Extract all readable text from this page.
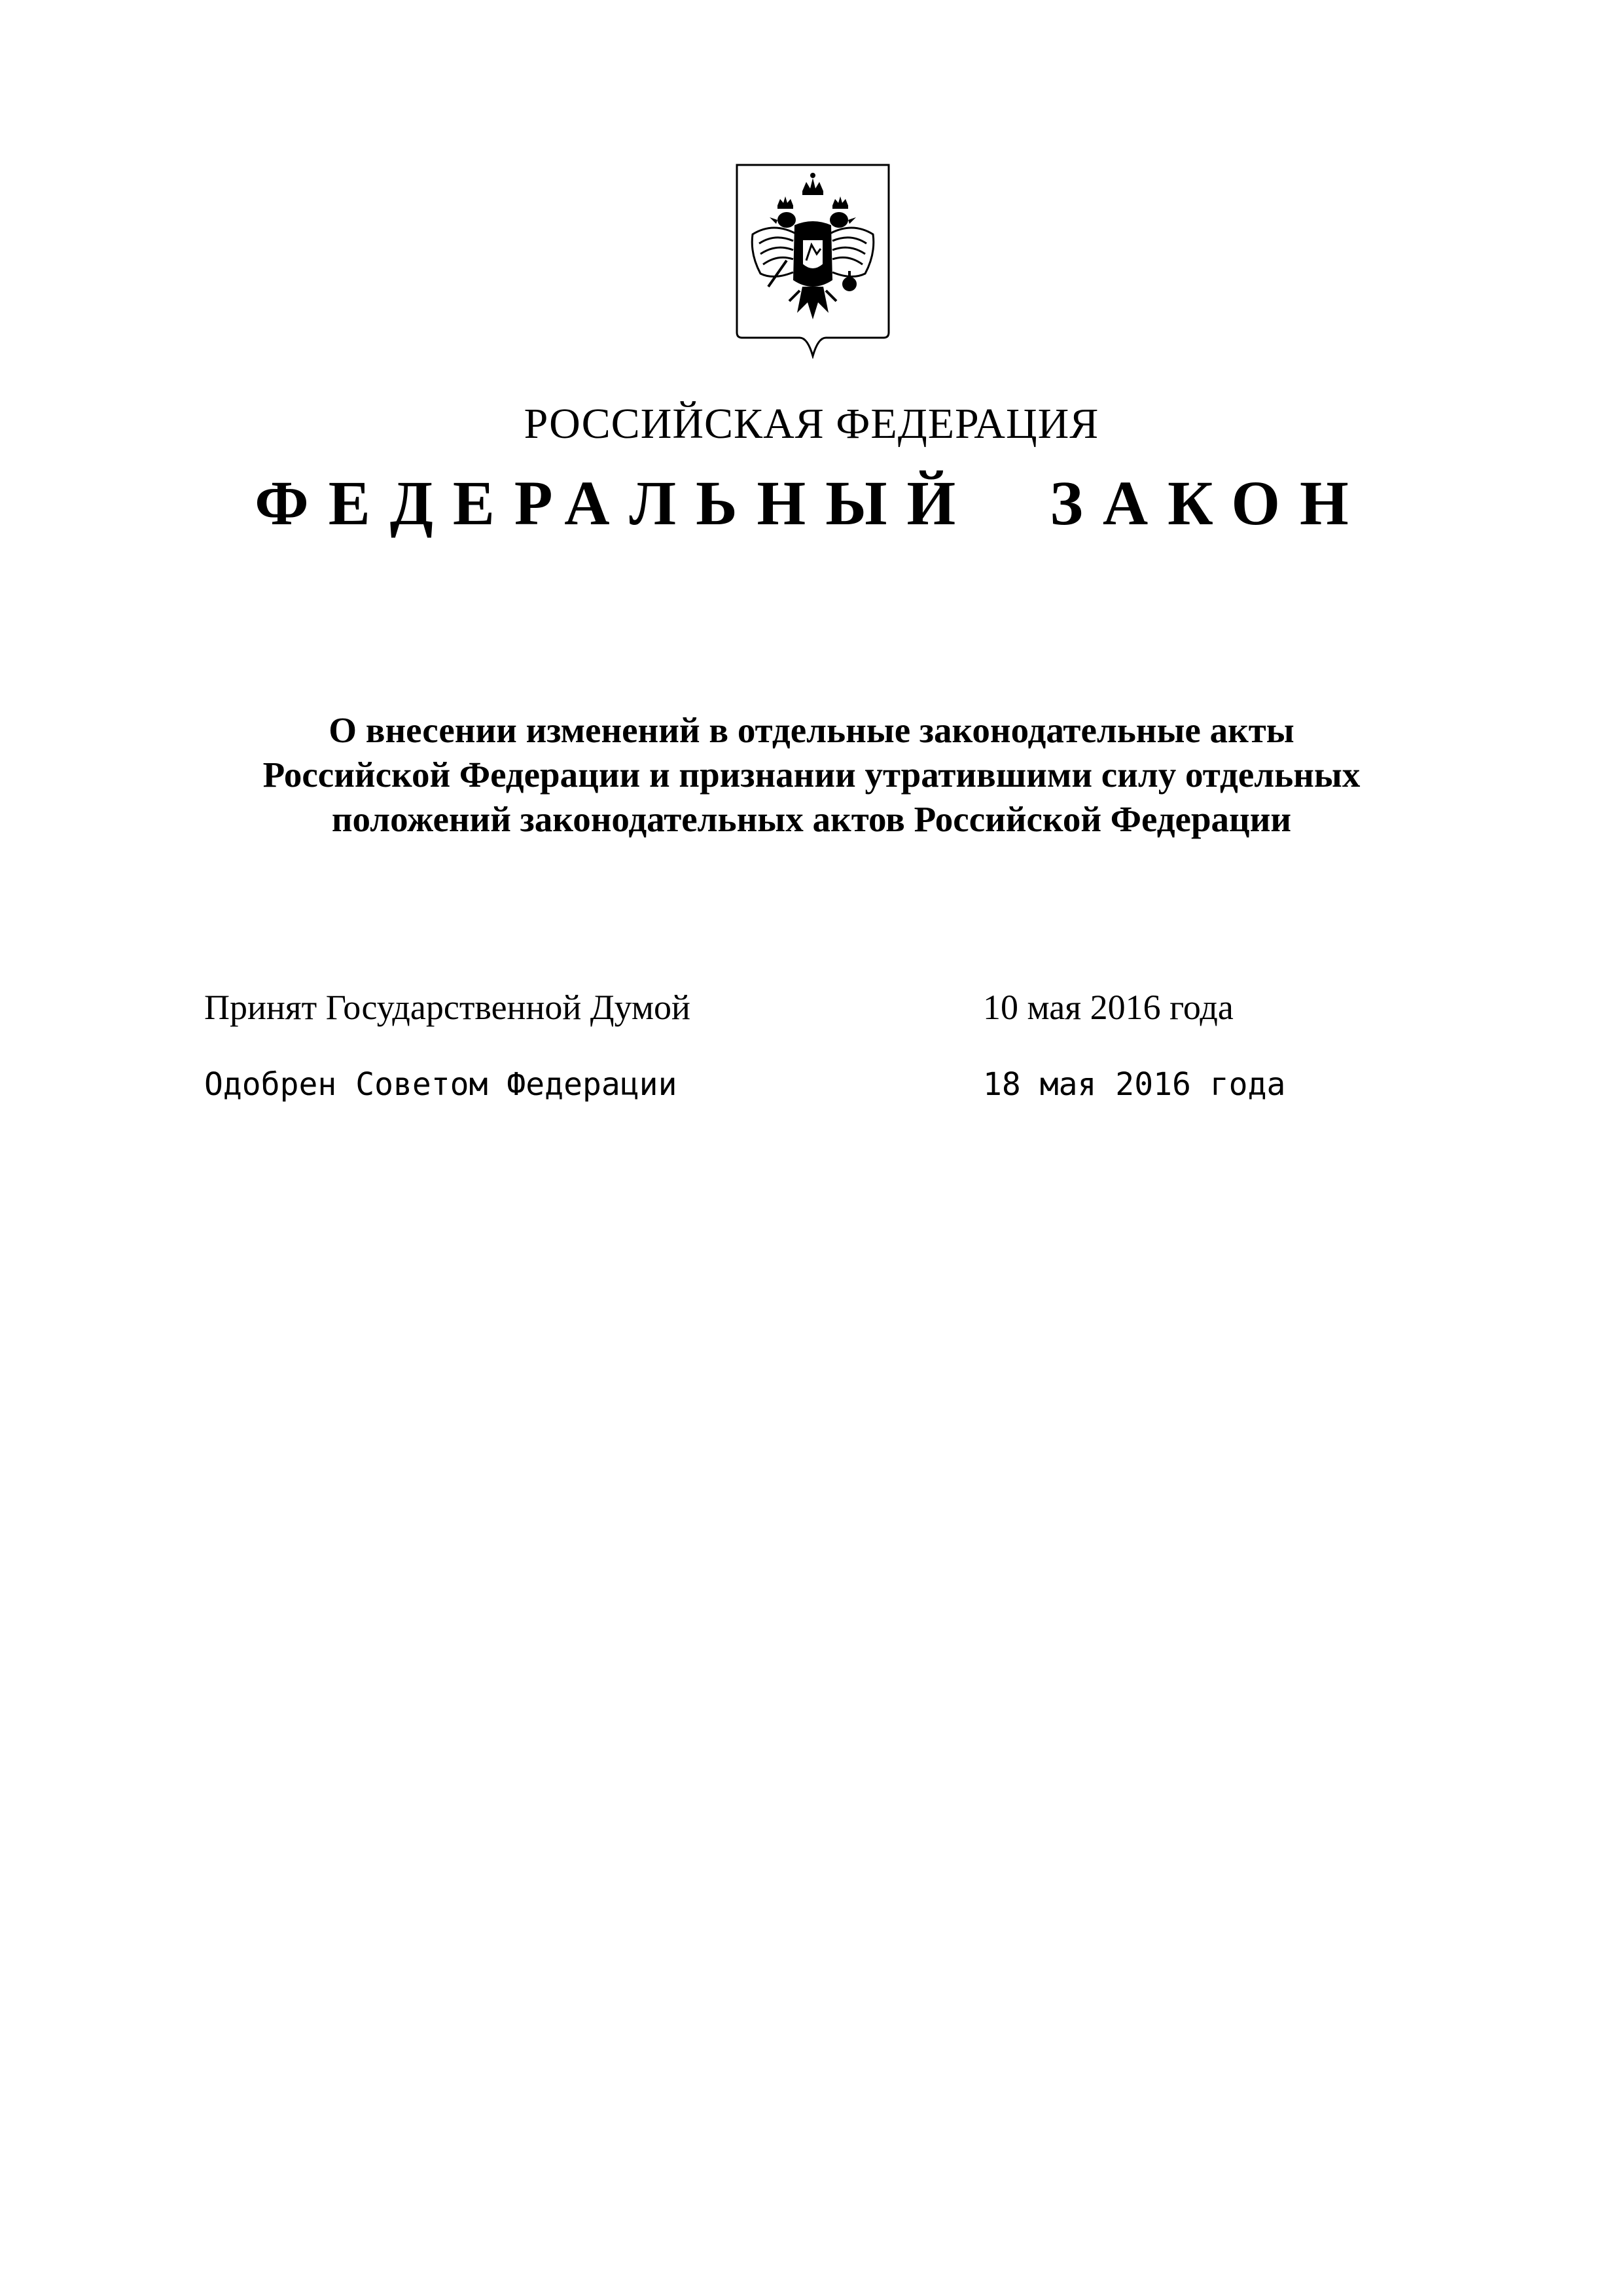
РОССИЙСКАЯ ФЕДЕРАЦИЯ
ФЕДЕРАЛЬНЫЙ ЗАКОН
О внесении изменений в отдельные законодательные акты
Российской Федерации и признании утратившими силу отдельных
положений законодательных актов Российской Федерации
Принят Государственной Думой	10 мая 2016 года
Одобрен Советом Федерации	18 мая 2016 года
